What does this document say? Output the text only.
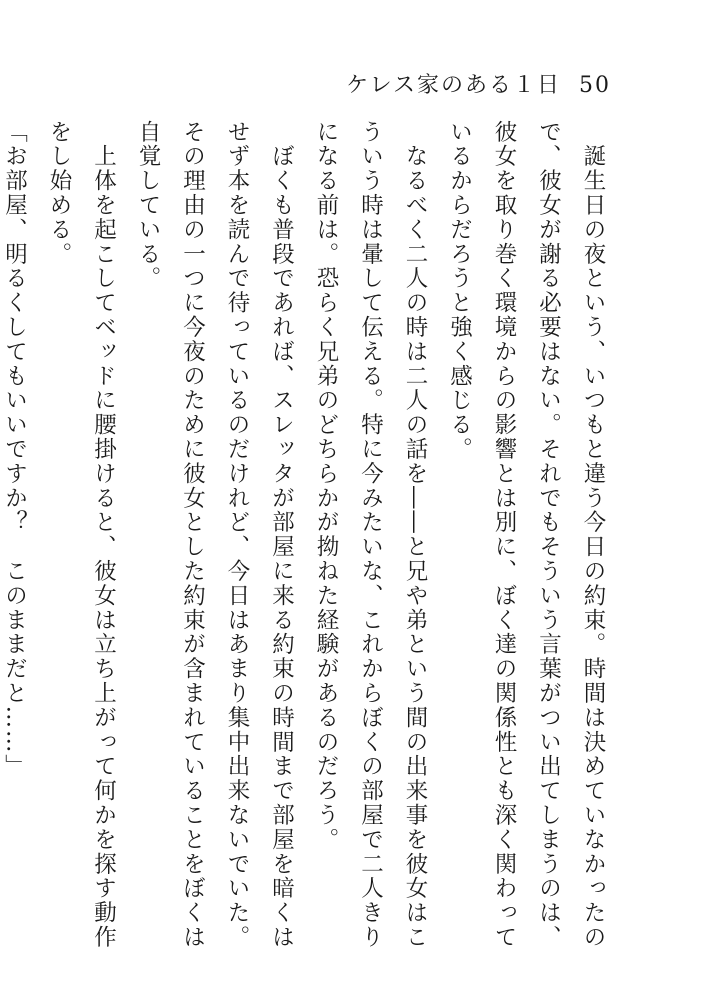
ケレス家のある１日 50

　誕生日の夜という、いつもと違う今日の約束。時間は決めていなかったので、彼女が謝る必要はない。それでもそういう言葉がつい出てしまうのは、彼女を取り巻く環境からの影響とは別に、ぼく達の関係性とも深く関わっているからだろうと強く感じる。

　なるべく二人の時は二人の話を――と兄や弟という間の出来事を彼女はこういう時は暈して伝える。特に今みたいな、これからぼくの部屋で二人きりになる前は。恐らく兄弟のどちらかが拗ねた経験があるのだろう。

　ぼくも普段であれば、スレッタが部屋に来る約束の時間まで部屋を暗くはせず本を読んで待っているのだけれど、今日はあまり集中出来ないでいた。その理由の一つに今夜のために彼女とした約束が含まれていることをぼくは自覚している。

　上体を起こしてベッドに腰掛けると、彼女は立ち上がって何かを探す動作をし始める。

「お部屋、明るくしてもいいですか？　このままだと……」
